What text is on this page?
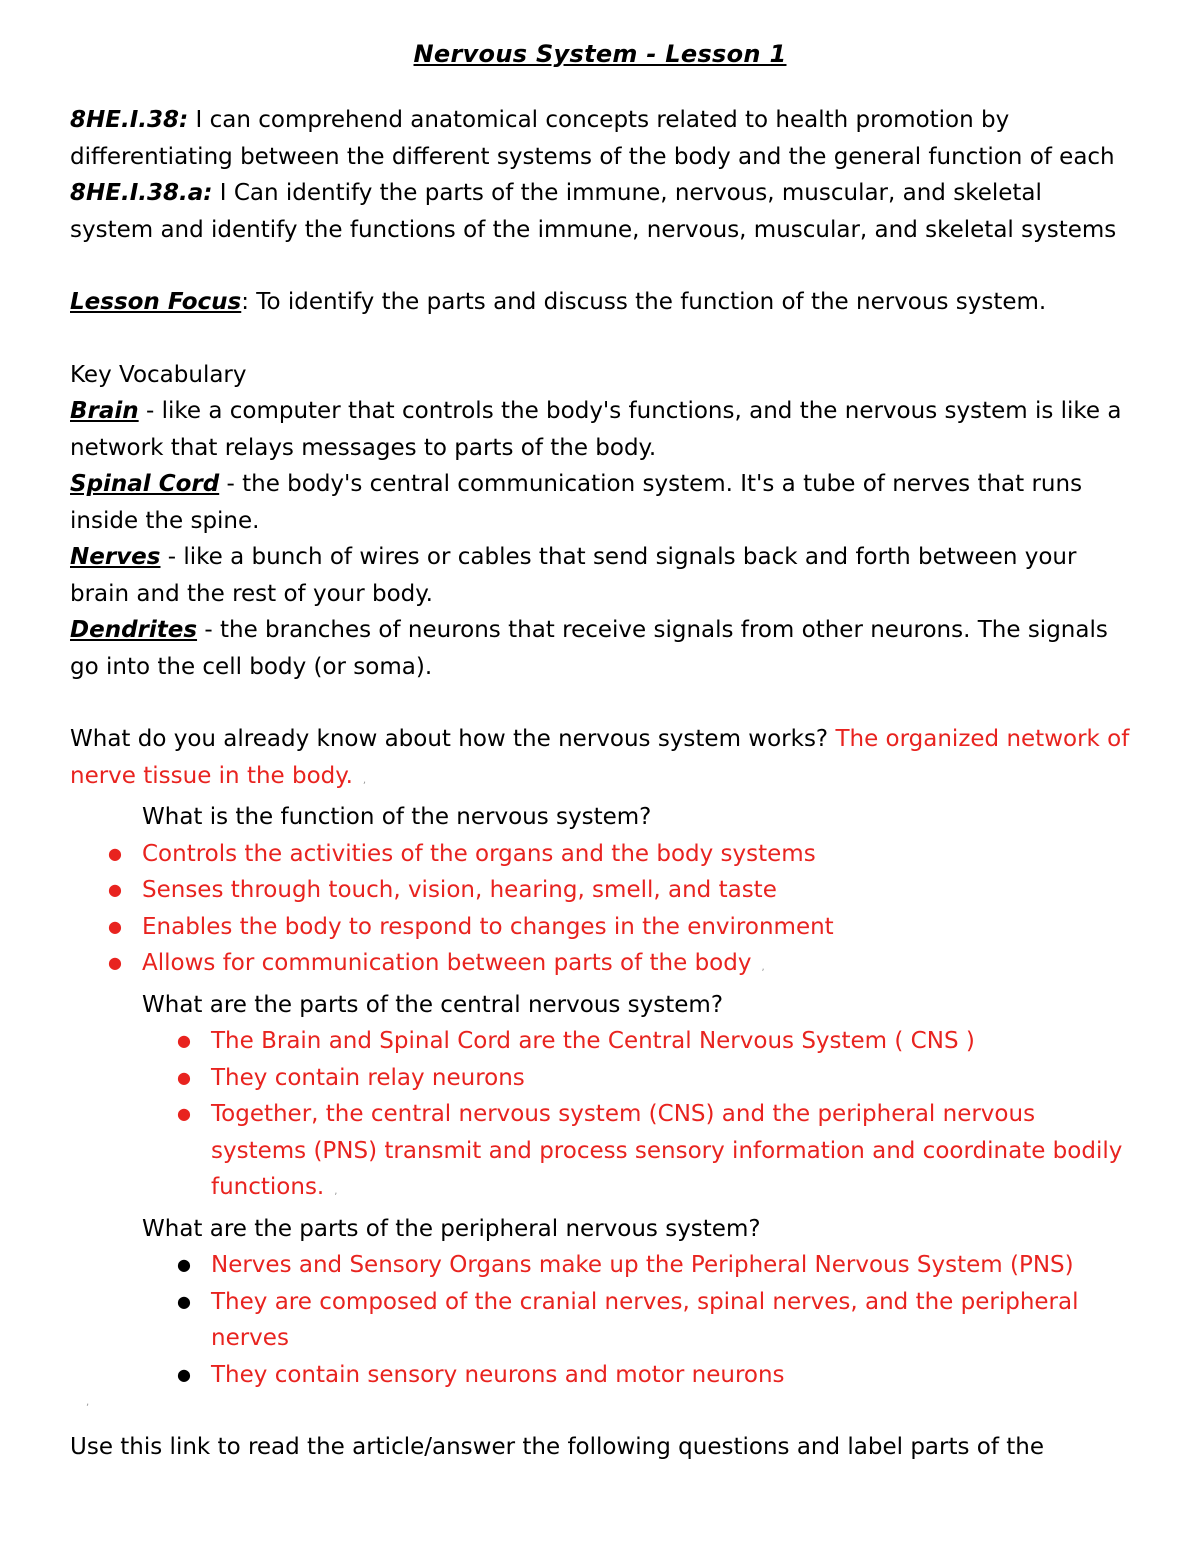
Nervous System - Lesson 1

8HE.I.38: I can comprehend anatomical concepts related to health promotion by differentiating between the different systems of the body and the general function of each

8HE.I.38.a: I Can identify the parts of the immune, nervous, muscular, and skeletal system and identify the functions of the immune, nervous, muscular, and skeletal systems

Lesson Focus: To identify the parts and discuss the function of the nervous system.

Key Vocabulary

Brain - like a computer that controls the body's functions, and the nervous system is like a network that relays messages to parts of the body.

Spinal Cord - the body's central communication system. It's a tube of nerves that runs inside the spine.

Nerves - like a bunch of wires or cables that send signals back and forth between your brain and the rest of your body.

Dendrites - the branches of neurons that receive signals from other neurons. The signals go into the cell body (or soma).

What do you already know about how the nervous system works? The organized network of nerve tissue in the body. ,

What is the function of the nervous system?

● Controls the activities of the organs and the body systems
● Senses through touch, vision, hearing, smell, and taste
● Enables the body to respond to changes in the environment
● Allows for communication between parts of the body ,

What are the parts of the central nervous system?

● The Brain and Spinal Cord are the Central Nervous System ( CNS )
● They contain relay neurons
● Together, the central nervous system (CNS) and the peripheral nervous systems (PNS) transmit and process sensory information and coordinate bodily functions. ,

What are the parts of the peripheral nervous system?

● Nerves and Sensory Organs make up the Peripheral Nervous System (PNS)
● They are composed of the cranial nerves, spinal nerves, and the peripheral nerves
● They contain sensory neurons and motor neurons
,

Use this link to read the article/answer the following questions and label parts of the
